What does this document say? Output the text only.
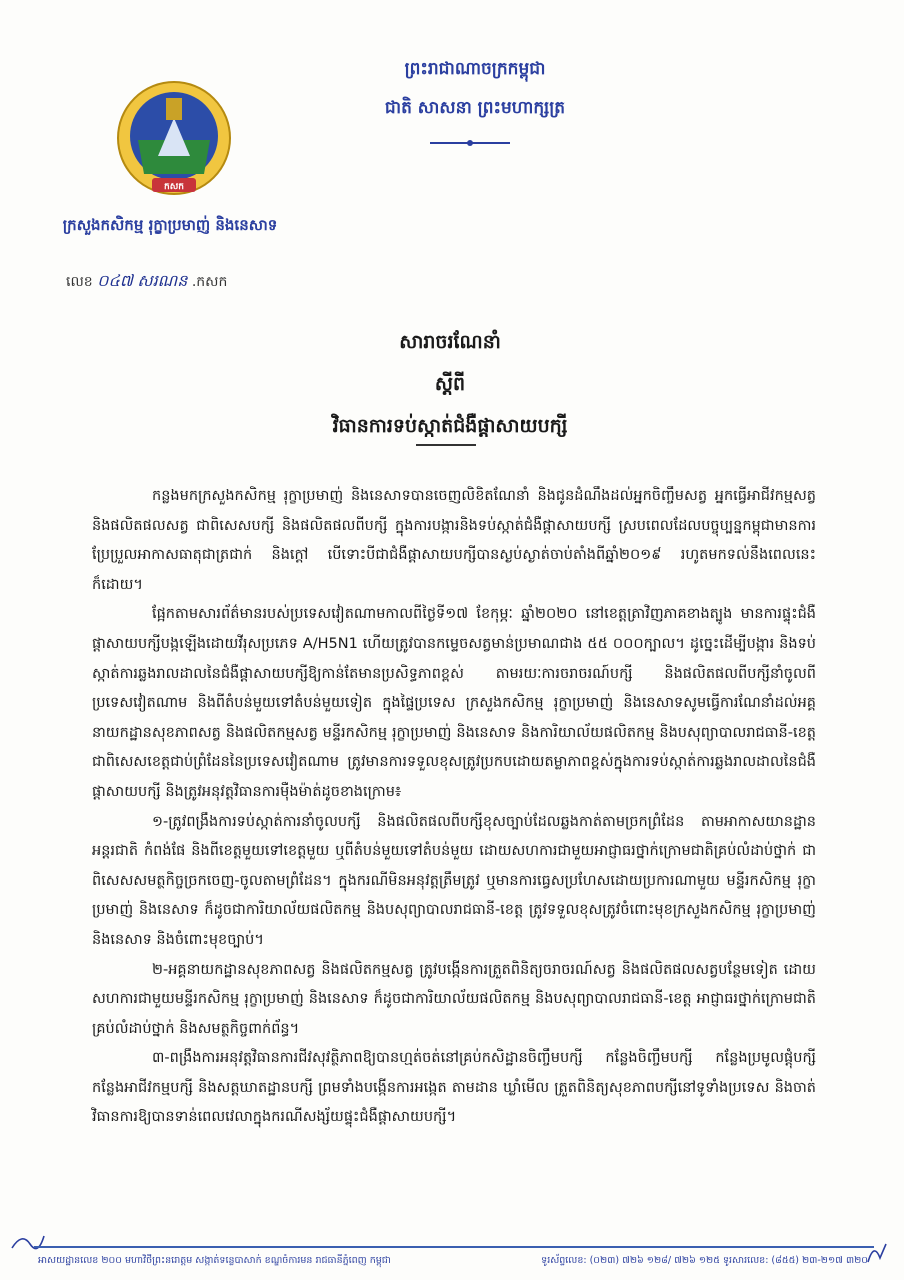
កសក
ក្រសួងកសិកម្ម រុក្ខាប្រមាញ់ និងនេសាទ
លេខ ០៤៧ សរណន .កសក
ព្រះរាជាណាចក្រកម្ពុជា
ជាតិ សាសនា ព្រះមហាក្សត្រ
សារាចរណែនាំ
ស្តីពី
វិធានការទប់ស្កាត់ជំងឺផ្តាសាយបក្សី

កន្លងមកក្រសួងកសិកម្ម រុក្ខាប្រមាញ់ និងនេសាទបានចេញលិខិតណែនាំ និងជូនដំណឹងដល់អ្នកចិញ្ចឹមសត្វ អ្នកធ្វើអាជីវកម្មសត្វ និងផលិតផលសត្វ ជាពិសេសបក្សី និងផលិតផលពីបក្សី ក្នុងការបង្ការនិងទប់ស្កាត់ជំងឺផ្តាសាយបក្សី ស្របពេលដែលបច្ចុប្បន្នកម្ពុជាមានការប្រែប្រួលអាកាសធាតុជាត្រជាក់ និងក្តៅ បើទោះបីជាជំងឺផ្តាសាយបក្សីបានស្ងប់ស្ងាត់ចាប់តាំងពីឆ្នាំ២០១៩ រហូតមកទល់នឹងពេលនេះក៏ដោយ។

ផ្អែកតាមសារព័ត៌មានរបស់ប្រទេសវៀតណាមកាលពីថ្ងៃទី១៧ ខែកុម្ភៈ ឆ្នាំ២០២០ នៅខេត្តត្រាវិញភាគខាងត្បូង មានការផ្ទុះជំងឺផ្តាសាយបក្សីបង្កឡើងដោយវីរុសប្រភេទ A/H5N1 ហើយត្រូវបានកម្ទេចសត្វមាន់ប្រមាណជាង ៥៥ ០០០ក្បាល។ ដូច្នេះដើម្បីបង្ការ និងទប់ស្កាត់ការឆ្លងរាលដាលនៃជំងឺផ្តាសាយបក្សីឱ្យកាន់តែមានប្រសិទ្ធភាពខ្ពស់ តាមរយៈការចរាចរណ៍បក្សី និងផលិតផលពីបក្សីនាំចូលពីប្រទេសវៀតណាម និងពីតំបន់មួយទៅតំបន់មួយទៀត ក្នុងផ្ទៃប្រទេស ក្រសួងកសិកម្ម រុក្ខាប្រមាញ់ និងនេសាទសូមធ្វើការណែនាំដល់អគ្គនាយកដ្ឋានសុខភាពសត្វ និងផលិតកម្មសត្វ មន្ទីរកសិកម្ម រុក្ខាប្រមាញ់ និងនេសាទ និងការិយាល័យផលិតកម្ម និងបសុព្យាបាលរាជធានី-ខេត្ត ជាពិសេសខេត្តជាប់ព្រំដែននៃប្រទេសវៀតណាម ត្រូវមានការទទួលខុសត្រូវប្រកបដោយតម្លាភាពខ្ពស់ក្នុងការទប់ស្កាត់ការឆ្លងរាលដាលនៃជំងឺផ្តាសាយបក្សី និងត្រូវអនុវត្តវិធានការម៉ឺងម៉ាត់ដូចខាងក្រោម៖

១-ត្រូវពង្រឹងការទប់ស្កាត់ការនាំចូលបក្សី និងផលិតផលពីបក្សីខុសច្បាប់ដែលឆ្លងកាត់តាមច្រកព្រំដែន តាមអាកាសយានដ្ឋានអន្តរជាតិ កំពង់ផែ និងពីខេត្តមួយទៅខេត្តមួយ ឬពីតំបន់មួយទៅតំបន់មួយ ដោយសហការជាមួយអាជ្ញាធរថ្នាក់ក្រោមជាតិគ្រប់លំដាប់ថ្នាក់ ជាពិសេសសមត្ថកិច្ចច្រកចេញ-ចូលតាមព្រំដែន។ ក្នុងករណីមិនអនុវត្តត្រឹមត្រូវ ឬមានការធ្វេសប្រហែសដោយប្រការណាមួយ មន្ទីរកសិកម្ម រុក្ខាប្រមាញ់ និងនេសាទ ក៏ដូចជាការិយាល័យផលិតកម្ម និងបសុព្យាបាលរាជធានី-ខេត្ត ត្រូវទទួលខុសត្រូវចំពោះមុខក្រសួងកសិកម្ម រុក្ខាប្រមាញ់ និងនេសាទ និងចំពោះមុខច្បាប់។

២-អគ្គនាយកដ្ឋានសុខភាពសត្វ និងផលិតកម្មសត្វ ត្រូវបង្កើនការត្រួតពិនិត្យចរាចរណ៍សត្វ និងផលិតផលសត្វបន្ថែមទៀត ដោយសហការជាមួយមន្ទីរកសិកម្ម រុក្ខាប្រមាញ់ និងនេសាទ ក៏ដូចជាការិយាល័យផលិតកម្ម និងបសុព្យាបាលរាជធានី-ខេត្ត អាជ្ញាធរថ្នាក់ក្រោមជាតិគ្រប់លំដាប់ថ្នាក់ និងសមត្ថកិច្ចពាក់ព័ន្ធ។

៣-ពង្រឹងការអនុវត្តវិធានការជីវសុវត្ថិភាពឱ្យបានហ្មត់ចត់នៅគ្រប់កសិដ្ឋានចិញ្ចឹមបក្សី កន្លែងចិញ្ចឹមបក្សី កន្លែងប្រមូលផ្តុំបក្សី កន្លែងអាជីវកម្មបក្សី និងសត្តឃាតដ្ឋានបក្សី ព្រមទាំងបង្កើនការអង្កេត តាមដាន ឃ្លាំមើល ត្រួតពិនិត្យសុខភាពបក្សីនៅទូទាំងប្រទេស និងចាត់វិធានការឱ្យបានទាន់ពេលវេលាក្នុងករណីសង្ស័យផ្ទុះជំងឺផ្តាសាយបក្សី។

អាសយដ្ឋានលេខ ២០០ មហាវិថីព្រះនរោត្តម សង្កាត់ទន្លេបាសាក់ ខណ្ឌចំការមន រាជធានីភ្នំពេញ កម្ពុជា	ទូរស័ព្ទលេខ: (០២៣) ៧២៦ ១២៨/ ៧២៦ ១២៥ ទូរសារលេខ: (៨៥៥) ២៣-២១៧ ៣២០
